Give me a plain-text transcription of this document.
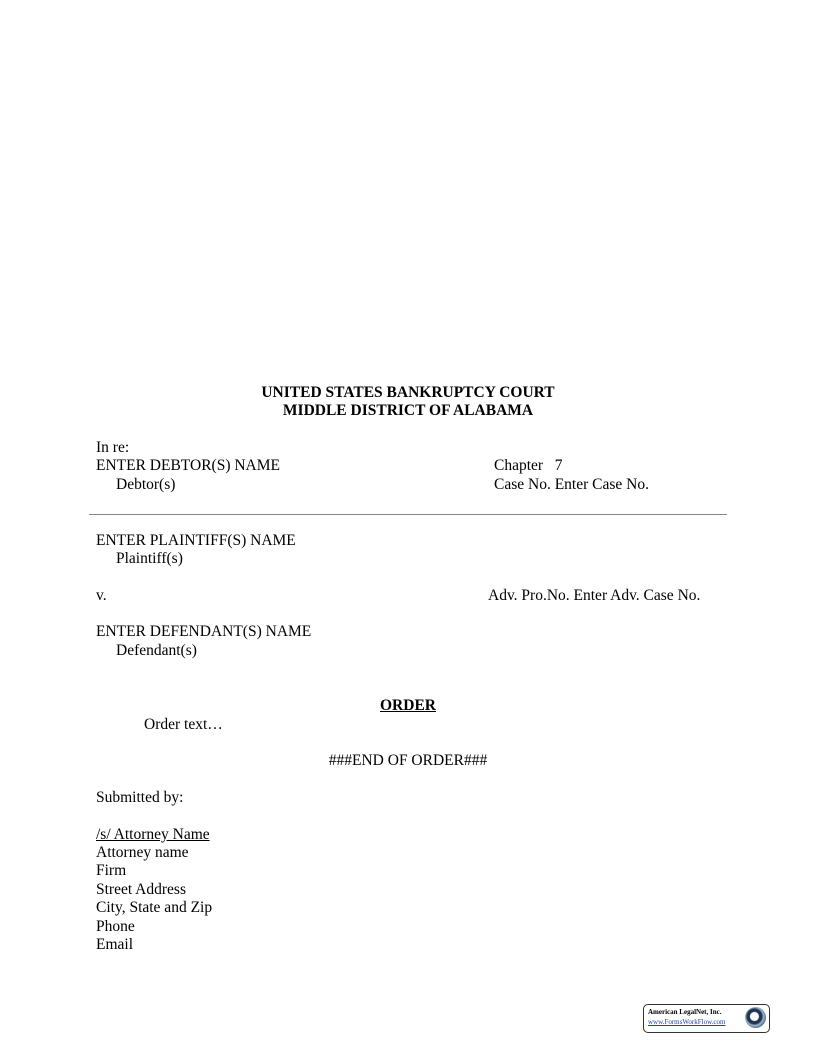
UNITED STATES BANKRUPTCY COURT
MIDDLE DISTRICT OF ALABAMA
In re:
ENTER DEBTOR(S) NAME
Debtor(s)
Chapter   7
Case No. Enter Case No.
ENTER PLAINTIFF(S) NAME
Plaintiff(s)
v.	Adv. Pro.No. Enter Adv. Case No.
ENTER DEFENDANT(S) NAME
Defendant(s)
ORDER
Order text…
###END OF ORDER###
Submitted by:
/s/ Attorney Name
Attorney name
Firm
Street Address
City, State and Zip
Phone
Email
American LegalNet, Inc.
www.FormsWorkFlow.com
